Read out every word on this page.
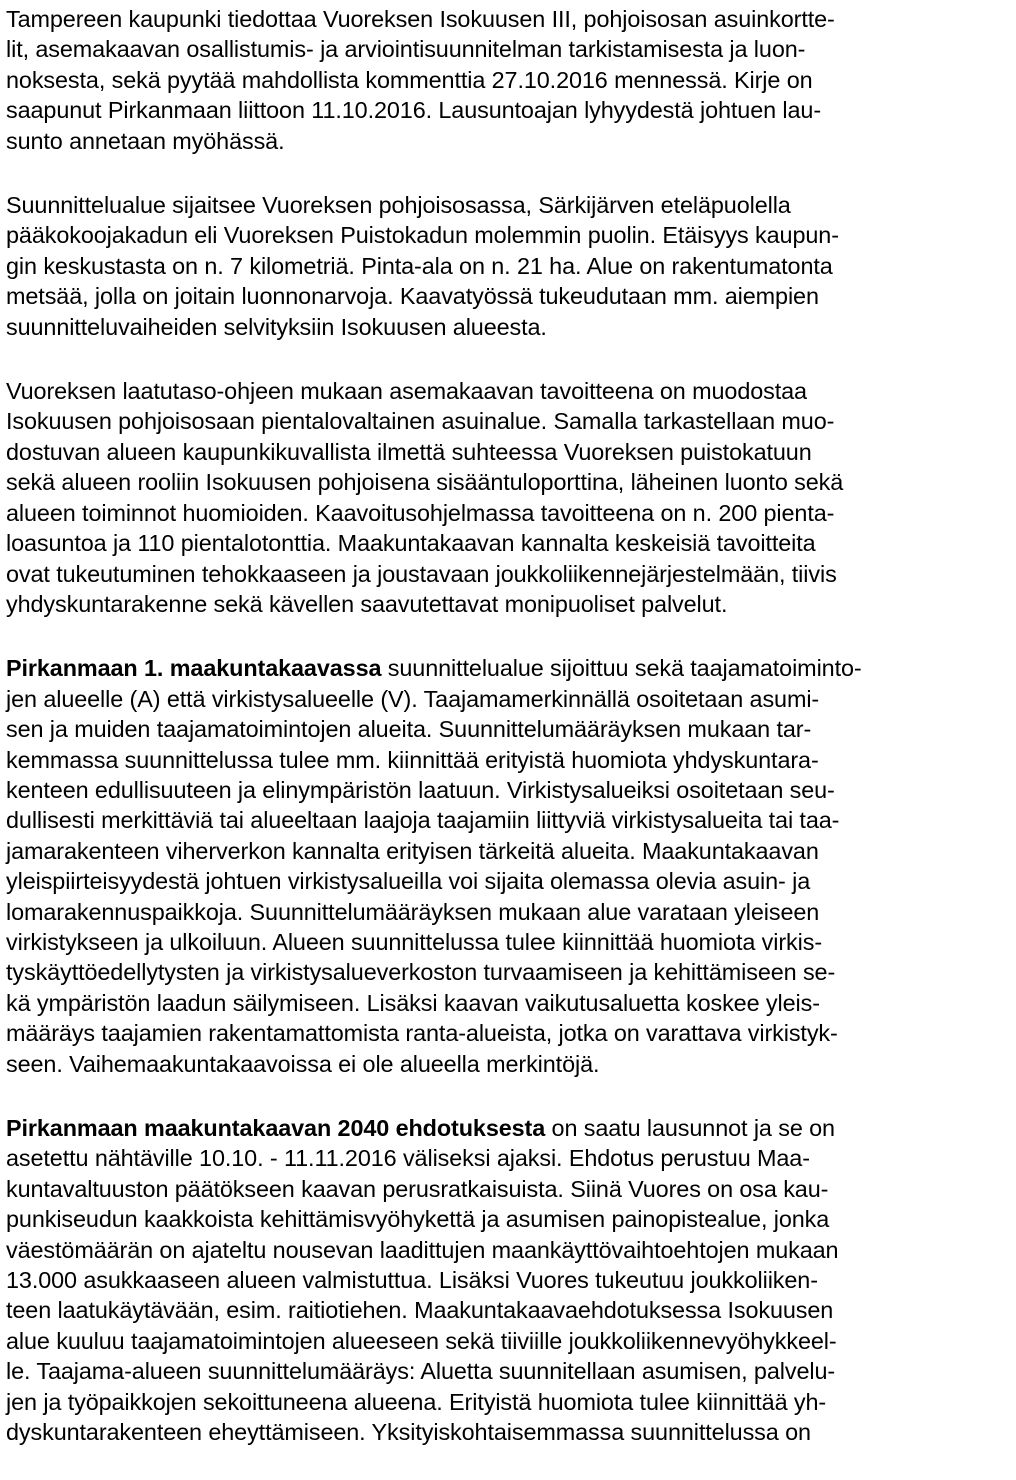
Tampereen kaupunki tiedottaa Vuoreksen Isokuusen III, pohjoisosan asuinkortte-
lit, asemakaavan osallistumis- ja arviointisuunnitelman tarkistamisesta ja luon-
noksesta, sekä pyytää mahdollista kommenttia 27.10.2016 mennessä. Kirje on
saapunut Pirkanmaan liittoon 11.10.2016. Lausuntoajan lyhyydestä johtuen lau-
sunto annetaan myöhässä.

Suunnittelualue sijaitsee Vuoreksen pohjoisosassa, Särkijärven eteläpuolella
pääkokoojakadun eli Vuoreksen Puistokadun molemmin puolin. Etäisyys kaupun-
gin keskustasta on n. 7 kilometriä. Pinta-ala on n. 21 ha. Alue on rakentumatonta
metsää, jolla on joitain luonnonarvoja. Kaavatyössä tukeudutaan mm. aiempien
suunnitteluvaiheiden selvityksiin Isokuusen alueesta.

Vuoreksen laatutaso-ohjeen mukaan asemakaavan tavoitteena on muodostaa
Isokuusen pohjoisosaan pientalovaltainen asuinalue. Samalla tarkastellaan muo-
dostuvan alueen kaupunkikuvallista ilmettä suhteessa Vuoreksen puistokatuun
sekä alueen rooliin Isokuusen pohjoisena sisääntuloporttina, läheinen luonto sekä
alueen toiminnot huomioiden. Kaavoitusohjelmassa tavoitteena on n. 200 pienta-
loasuntoa ja 110 pientalotonttia. Maakuntakaavan kannalta keskeisiä tavoitteita
ovat tukeutuminen tehokkaaseen ja joustavaan joukkoliikennejärjestelmään, tiivis
yhdyskuntarakenne sekä kävellen saavutettavat monipuoliset palvelut.

Pirkanmaan 1. maakuntakaavassa suunnittelualue sijoittuu sekä taajamatoiminto-
jen alueelle (A) että virkistysalueelle (V). Taajamamerkinnällä osoitetaan asumi-
sen ja muiden taajamatoimintojen alueita. Suunnittelumääräyksen mukaan tar-
kemmassa suunnittelussa tulee mm. kiinnittää erityistä huomiota yhdyskuntara-
kenteen edullisuuteen ja elinympäristön laatuun. Virkistysalueiksi osoitetaan seu-
dullisesti merkittäviä tai alueeltaan laajoja taajamiin liittyviä virkistysalueita tai taa-
jamarakenteen viherverkon kannalta erityisen tärkeitä alueita. Maakuntakaavan
yleispiirteisyydestä johtuen virkistysalueilla voi sijaita olemassa olevia asuin- ja
lomarakennuspaikkoja. Suunnittelumääräyksen mukaan alue varataan yleiseen
virkistykseen ja ulkoiluun. Alueen suunnittelussa tulee kiinnittää huomiota virkis-
tyskäyttöedellytysten ja virkistysalueverkoston turvaamiseen ja kehittämiseen se-
kä ympäristön laadun säilymiseen. Lisäksi kaavan vaikutusaluetta koskee yleis-
määräys taajamien rakentamattomista ranta-alueista, jotka on varattava virkistyk-
seen. Vaihemaakuntakaavoissa ei ole alueella merkintöjä.

Pirkanmaan maakuntakaavan 2040 ehdotuksesta on saatu lausunnot ja se on
asetettu nähtäville 10.10. - 11.11.2016 väliseksi ajaksi. Ehdotus perustuu Maa-
kuntavaltuuston päätökseen kaavan perusratkaisuista. Siinä Vuores on osa kau-
punkiseudun kaakkoista kehittämisvyöhykettä ja asumisen painopistealue, jonka
väestömäärän on ajateltu nousevan laadittujen maankäyttövaihtoehtojen mukaan
13.000 asukkaaseen alueen valmistuttua. Lisäksi Vuores tukeutuu joukkoliiken-
teen laatukäytävään, esim. raitiotiehen. Maakuntakaavaehdotuksessa Isokuusen
alue kuuluu taajamatoimintojen alueeseen sekä tiiviille joukkoliikennevyöhykkeel-
le. Taajama-alueen suunnittelumääräys: Aluetta suunnitellaan asumisen, palvelu-
jen ja työpaikkojen sekoittuneena alueena. Erityistä huomiota tulee kiinnittää yh-
dyskuntarakenteen eheyttämiseen. Yksityiskohtaisemmassa suunnittelussa on
